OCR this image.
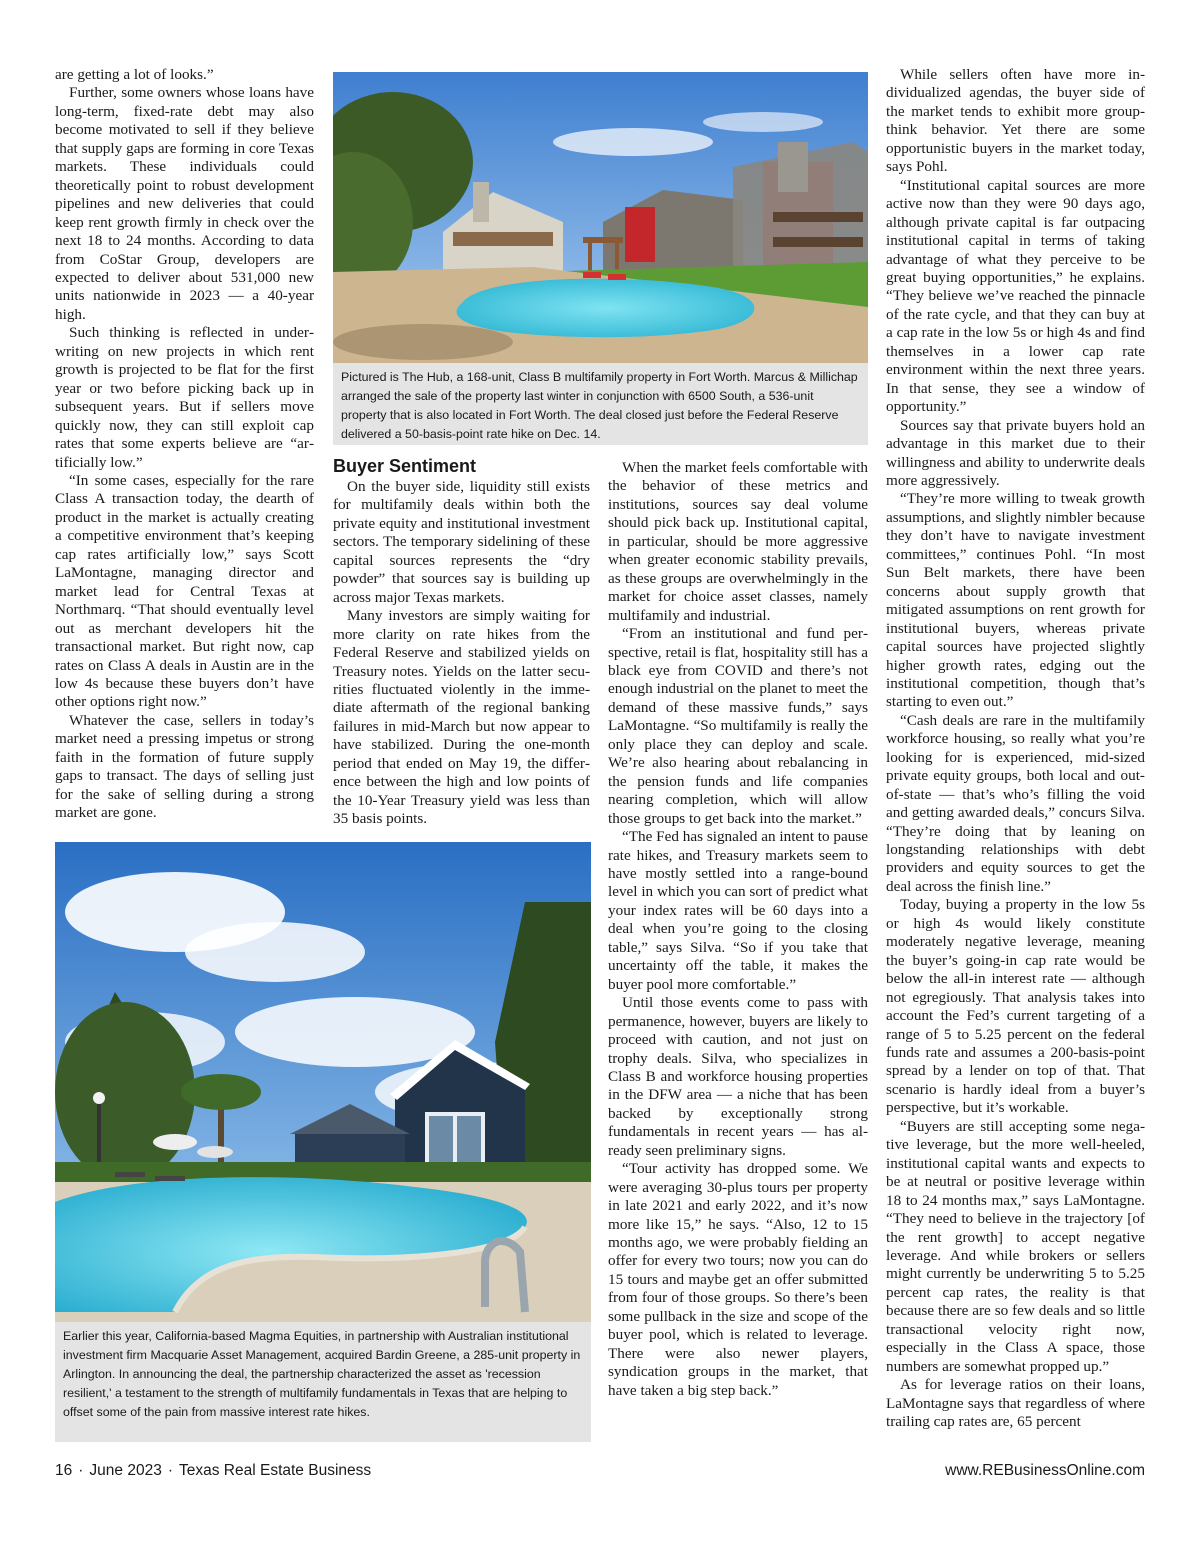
are getting a lot of looks.”

Further, some owners whose loans have long-term, fixed-rate debt may also become motivated to sell if they believe that supply gaps are forming in core Texas markets. These individuals could theoretically point to robust development pipelines and new deliveries that could keep rent growth firmly in check over the next 18 to 24 months. According to data from CoStar Group, developers are expected to deliver about 531,000 new units nationwide in 2023 — a 40-year high.

Such thinking is reflected in underwriting on new projects in which rent growth is projected to be flat for the first year or two before picking back up in subsequent years. But if sellers move quickly now, they can still exploit cap rates that some experts believe are “artificially low.”

“In some cases, especially for the rare Class A transaction today, the dearth of product in the market is actually creating a competitive environment that’s keeping cap rates artificially low,” says Scott LaMontagne, managing director and market lead for Central Texas at Northmarq. “That should eventually level out as merchant developers hit the transactional market. But right now, cap rates on Class A deals in Austin are in the low 4s because these buyers don’t have other options right now.”

Whatever the case, sellers in today’s market need a pressing impetus or strong faith in the formation of future supply gaps to transact. The days of selling just for the sake of selling during a strong market are gone.

Pictured is The Hub, a 168-unit, Class B multifamily property in Fort Worth. Marcus & Millichap arranged the sale of the property last winter in conjunction with 6500 South, a 536-unit property that is also located in Fort Worth. The deal closed just before the Federal Reserve delivered a 50-basis-point rate hike on Dec. 14.
Buyer Sentiment

On the buyer side, liquidity still exists for multifamily deals within both the private equity and institutional investment sectors. The temporary sidelining of these capital sources represents the “dry powder” that sources say is building up across major Texas markets.

Many investors are simply waiting for more clarity on rate hikes from the Federal Reserve and stabilized yields on Treasury notes. Yields on the latter securities fluctuated violently in the immediate aftermath of the regional banking failures in mid-March but now appear to have stabilized. During the one-month period that ended on May 19, the difference between the high and low points of the 10-Year Treasury yield was less than 35 basis points.

When the market feels comfortable with the behavior of these metrics and institutions, sources say deal volume should pick back up. Institutional capital, in particular, should be more aggressive when greater economic stability prevails, as these groups are overwhelmingly in the market for choice asset classes, namely multifamily and industrial.

“From an institutional and fund perspective, retail is flat, hospitality still has a black eye from COVID and there’s not enough industrial on the planet to meet the demand of these massive funds,” says LaMontagne. “So multifamily is really the only place they can deploy and scale. We’re also hearing about rebalancing in the pension funds and life companies nearing completion, which will allow those groups to get back into the market.”

“The Fed has signaled an intent to pause rate hikes, and Treasury markets seem to have mostly settled into a range-bound level in which you can sort of predict what your index rates will be 60 days into a deal when you’re going to the closing table,” says Silva. “So if you take that uncertainty off the table, it makes the buyer pool more comfortable.”

Until those events come to pass with permanence, however, buyers are likely to proceed with caution, and not just on trophy deals. Silva, who specializes in Class B and workforce housing properties in the DFW area — a niche that has been backed by exceptionally strong fundamentals in recent years — has already seen preliminary signs.

“Tour activity has dropped some. We were averaging 30-plus tours per property in late 2021 and early 2022, and it’s now more like 15,” he says. “Also, 12 to 15 months ago, we were probably fielding an offer for every two tours; now you can do 15 tours and maybe get an offer submitted from four of those groups. So there’s been some pullback in the size and scope of the buyer pool, which is related to leverage. There were also newer players, syndication groups in the market, that have taken a big step back.”

While sellers often have more individualized agendas, the buyer side of the market tends to exhibit more group-think behavior. Yet there are some opportunistic buyers in the market today, says Pohl.

“Institutional capital sources are more active now than they were 90 days ago, although private capital is far outpacing institutional capital in terms of taking advantage of what they perceive to be great buying opportunities,” he explains. “They believe we’ve reached the pinnacle of the rate cycle, and that they can buy at a cap rate in the low 5s or high 4s and find themselves in a lower cap rate environment within the next three years. In that sense, they see a window of opportunity.”

Sources say that private buyers hold an advantage in this market due to their willingness and ability to underwrite deals more aggressively.

“They’re more willing to tweak growth assumptions, and slightly nimbler because they don’t have to navigate investment committees,” continues Pohl. “In most Sun Belt markets, there have been concerns about supply growth that mitigated assumptions on rent growth for institutional buyers, whereas private capital sources have projected slightly higher growth rates, edging out the institutional competition, though that’s starting to even out.”

“Cash deals are rare in the multifamily workforce housing, so really what you’re looking for is experienced, mid-sized private equity groups, both local and out-of-state — that’s who’s filling the void and getting awarded deals,” concurs Silva. “They’re doing that by leaning on longstanding relationships with debt providers and equity sources to get the deal across the finish line.”

Today, buying a property in the low 5s or high 4s would likely constitute moderately negative leverage, meaning the buyer’s going-in cap rate would be below the all-in interest rate — although not egregiously. That analysis takes into account the Fed’s current targeting of a range of 5 to 5.25 percent on the federal funds rate and assumes a 200-basis-point spread by a lender on top of that. That scenario is hardly ideal from a buyer’s perspective, but it’s workable.

“Buyers are still accepting some negative leverage, but the more well-heeled, institutional capital wants and expects to be at neutral or positive leverage within 18 to 24 months max,” says LaMontagne. “They need to believe in the trajectory [of the rent growth] to accept negative leverage. And while brokers or sellers might currently be underwriting 5 to 5.25 percent cap rates, the reality is that because there are so few deals and so little transactional velocity right now, especially in the Class A space, those numbers are somewhat propped up.”

As for leverage ratios on their loans, LaMontagne says that regardless of where trailing cap rates are, 65 percent

Earlier this year, California-based Magma Equities, in partnership with Australian institutional investment firm Macquarie Asset Management, acquired Bardin Greene, a 285-unit property in Arlington. In announcing the deal, the partnership characterized the asset as 'recession resilient,' a testament to the strength of multifamily fundamentals in Texas that are helping to offset some of the pain from massive interest rate hikes.
16 · June 2023 · Texas Real Estate Business	www.REBusinessOnline.com
